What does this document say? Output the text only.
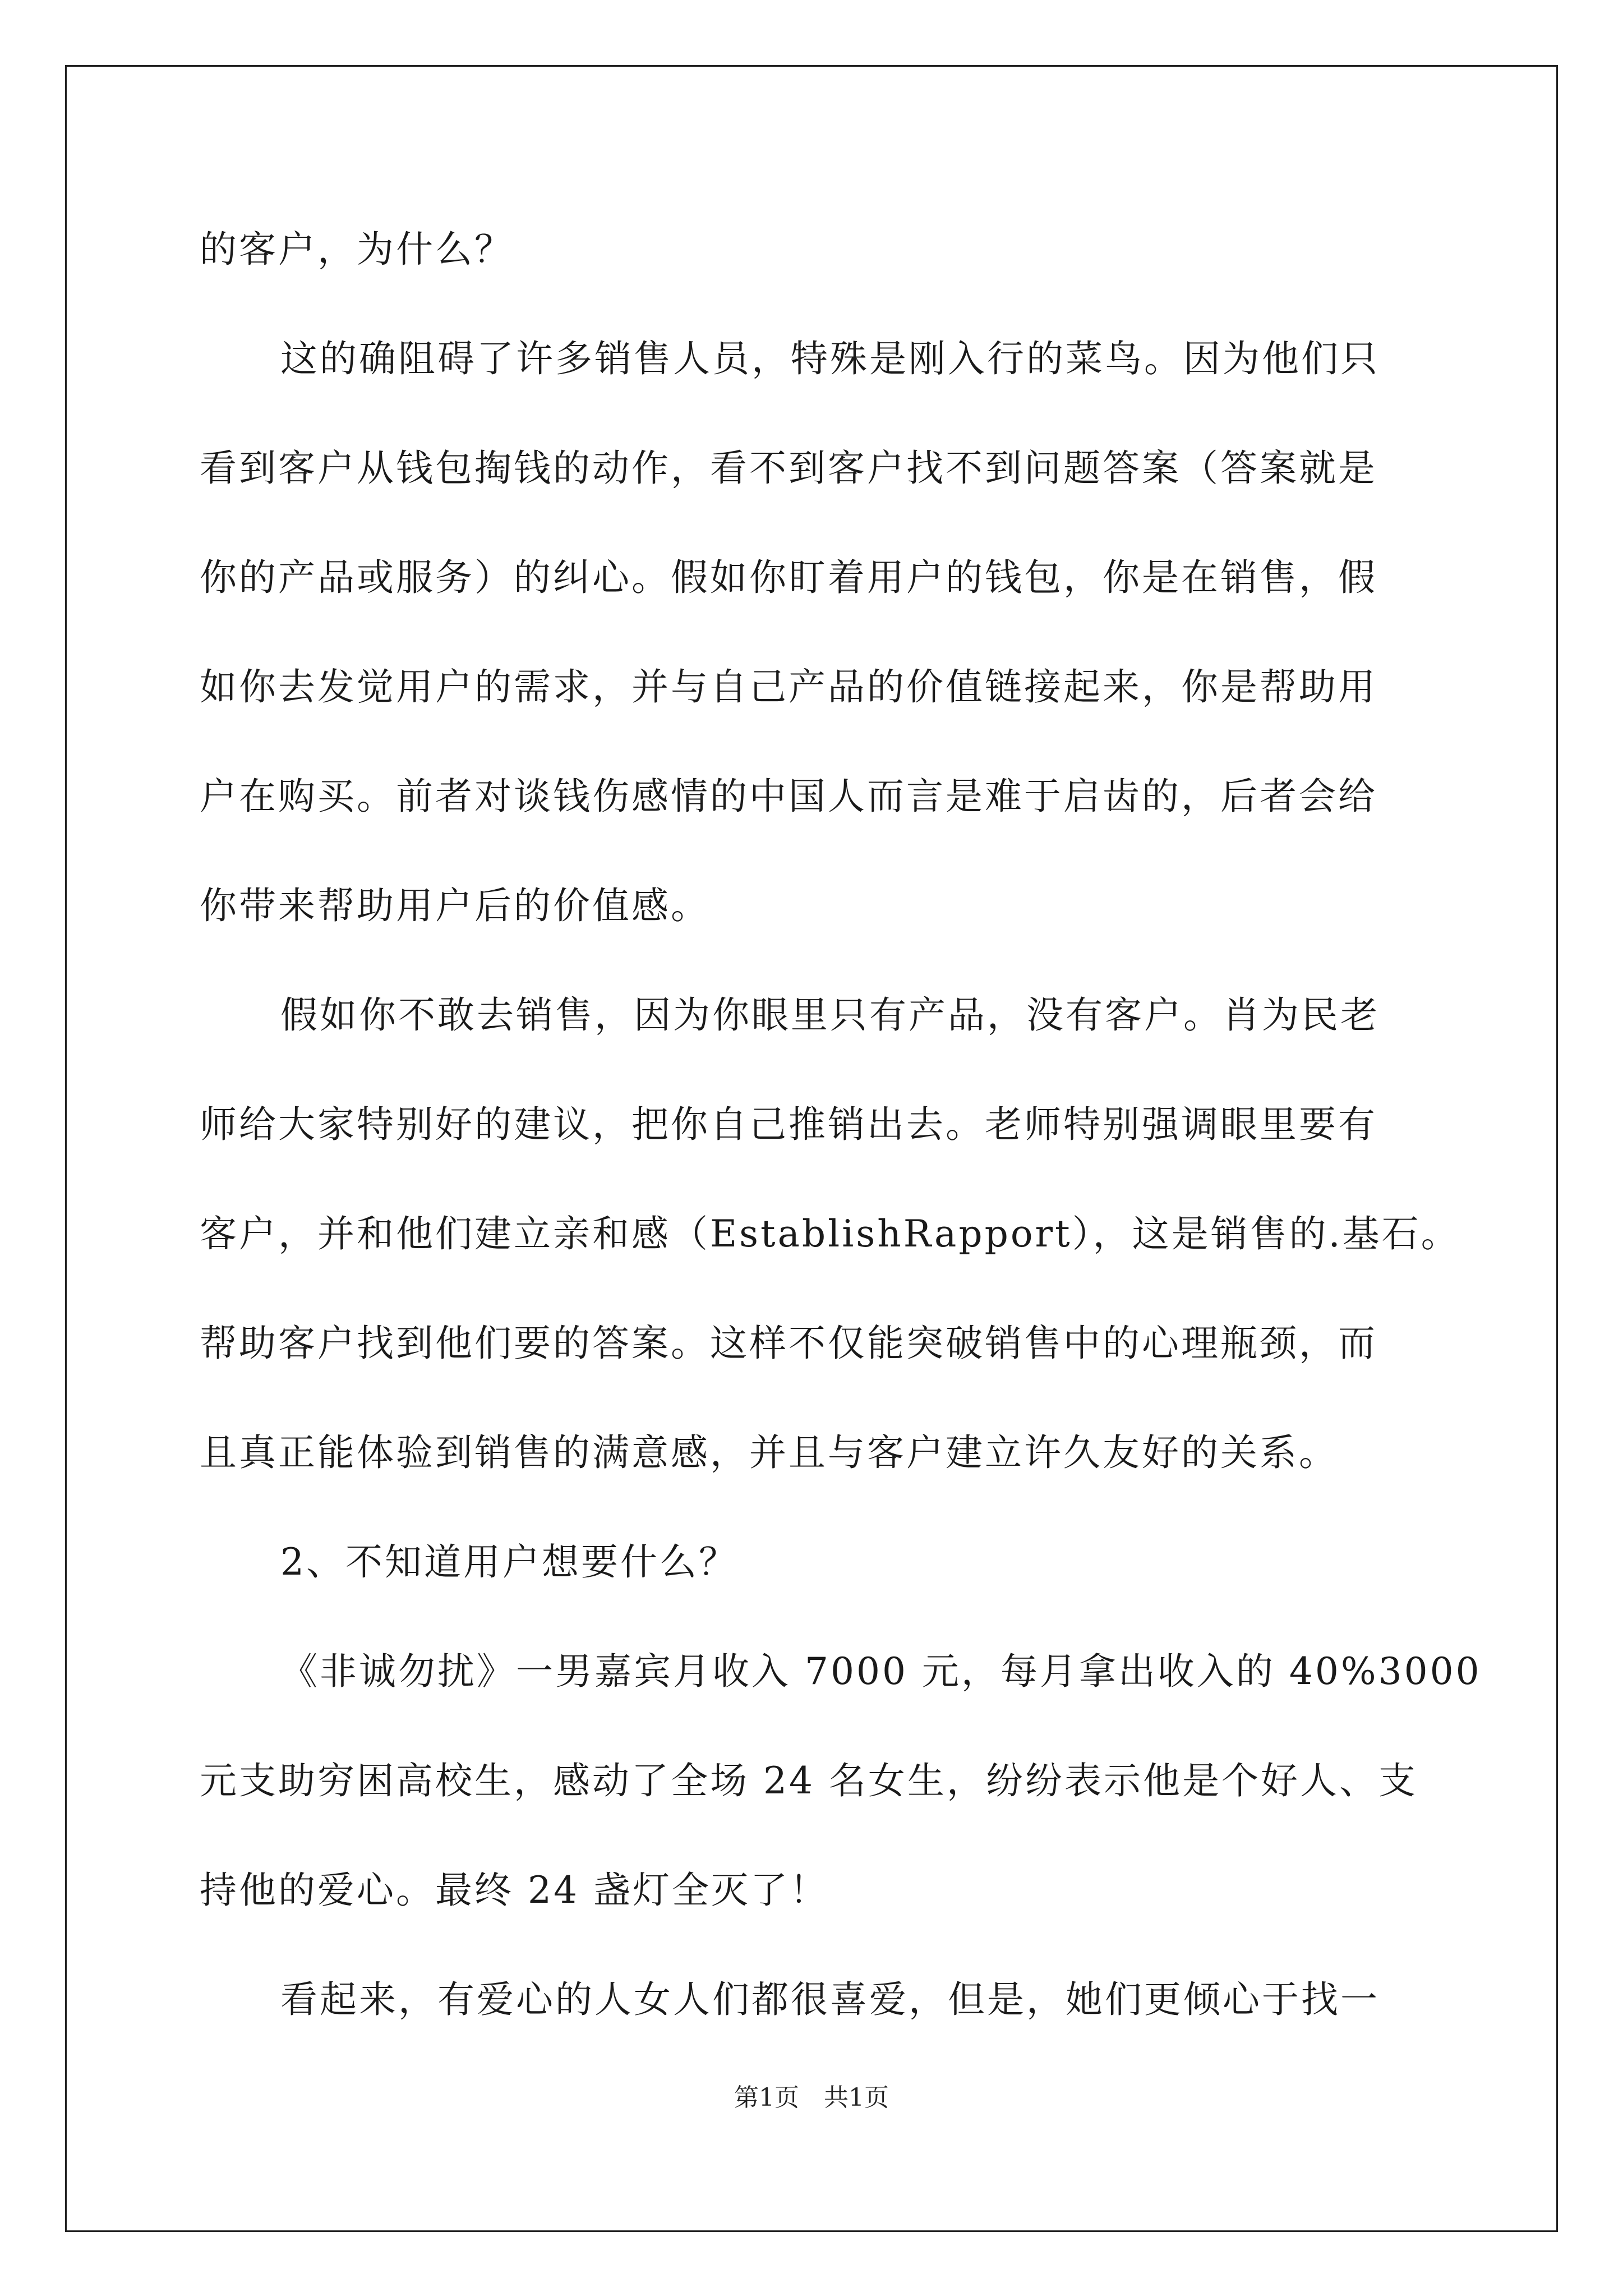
的客户，为什么？
这的确阻碍了许多销售人员，特殊是刚入行的菜鸟。因为他们只
看到客户从钱包掏钱的动作，看不到客户找不到问题答案（答案就是
你的产品或服务）的纠心。假如你盯着用户的钱包，你是在销售，假
如你去发觉用户的需求，并与自己产品的价值链接起来，你是帮助用
户在购买。前者对谈钱伤感情的中国人而言是难于启齿的，后者会给
你带来帮助用户后的价值感。
假如你不敢去销售，因为你眼里只有产品，没有客户。肖为民老
师给大家特别好的建议，把你自己推销出去。老师特别强调眼里要有
客户，并和他们建立亲和感（EstablishRapport），这是销售的.基石。
帮助客户找到他们要的答案。这样不仅能突破销售中的心理瓶颈，而
且真正能体验到销售的满意感，并且与客户建立许久友好的关系。
2、不知道用户想要什么？
《非诚勿扰》一男嘉宾月收入 7000 元，每月拿出收入的 40%3000
元支助穷困高校生，感动了全场 24 名女生，纷纷表示他是个好人、支
持他的爱心。最终 24 盏灯全灭了！
看起来，有爱心的人女人们都很喜爱，但是，她们更倾心于找一
第1页　共1页
